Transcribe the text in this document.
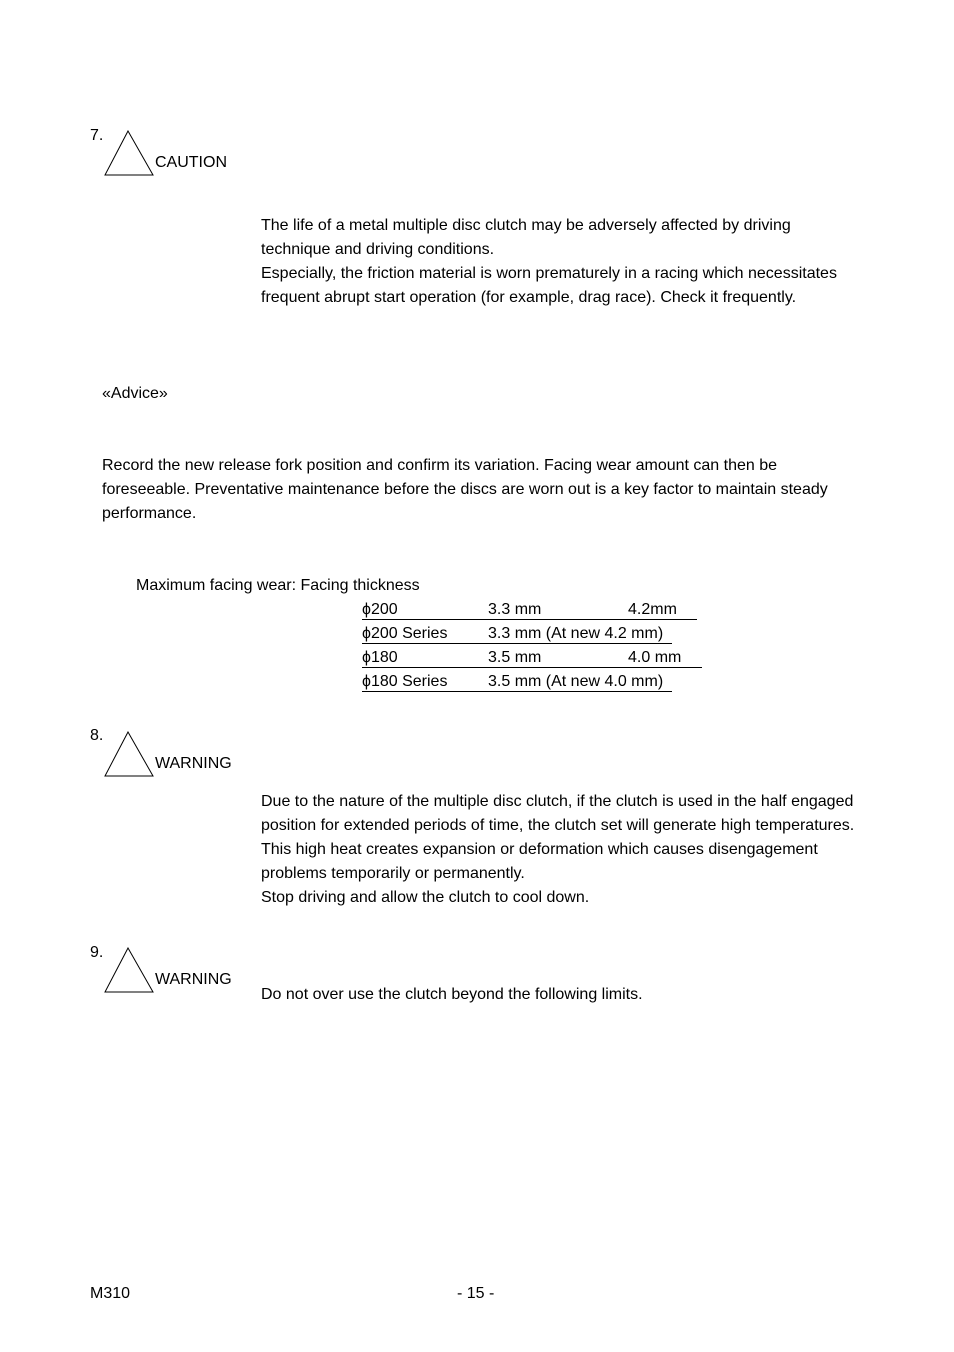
7.
CAUTION
The life of a metal multiple disc clutch may be adversely affected by driving technique and driving conditions.
Especially, the friction material is worn prematurely in a racing which necessitates frequent abrupt start operation (for example, drag race). Check it frequently.
«Advice»
Record the new release fork position and confirm its variation. Facing wear amount can then be foreseeable. Preventative maintenance before the discs are worn out is a key factor to maintain steady performance.
Maximum facing wear: Facing thickness
ϕ200	3.3 mm	4.2mm
ϕ200 Series	3.3 mm (At new 4.2 mm)
ϕ180	3.5 mm	4.0 mm
ϕ180 Series	3.5 mm (At new 4.0 mm)
8.
WARNING
Due to the nature of the multiple disc clutch, if the clutch is used in the half engaged position for extended periods of time, the clutch set will generate high temperatures. This high heat creates expansion or deformation which causes disengagement problems temporarily or permanently.
Stop driving and allow the clutch to cool down.
9.
WARNING
Do not over use the clutch beyond the following limits.
M310	- 15 -
